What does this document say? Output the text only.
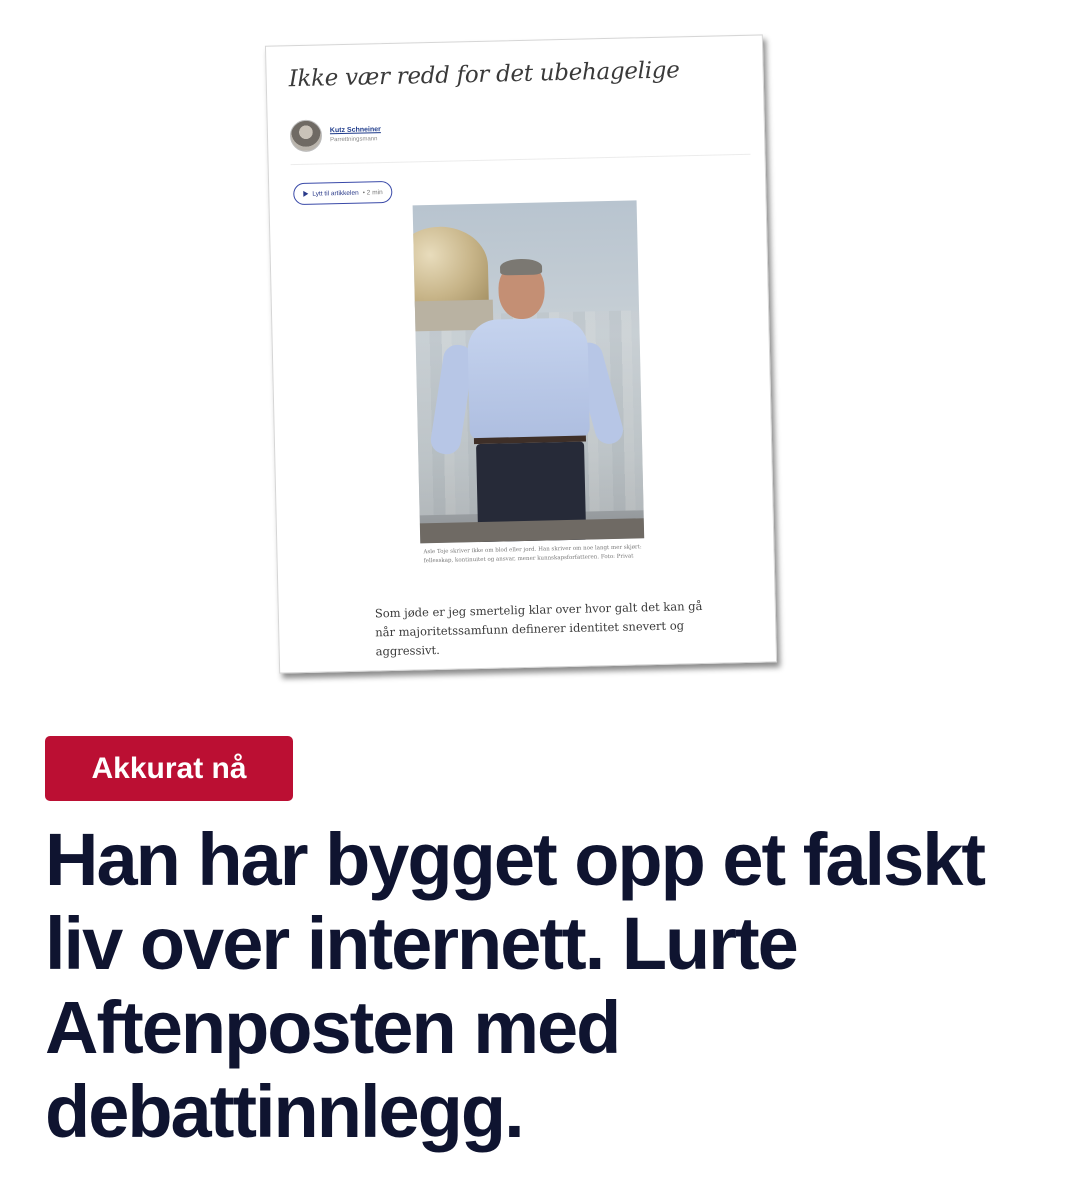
Ikke vær redd for det ubehagelige
Kutz Schneiner
Parrettningsmann
Lytt til artikkelen • 2 min
Asle Toje skriver ikke om blod eller jord. Han skriver om noe langt mer skjørt: fellesskap, kontinuitet og ansvar, mener kunnskapsforfatteren. Foto: Privat
Som jøde er jeg smertelig klar over hvor galt det kan gå når majoritetssamfunn definerer identitet snevert og aggressivt.
Akkurat nå
Han har bygget opp et falskt liv over internett. Lurte Aftenposten med debattinnlegg.
